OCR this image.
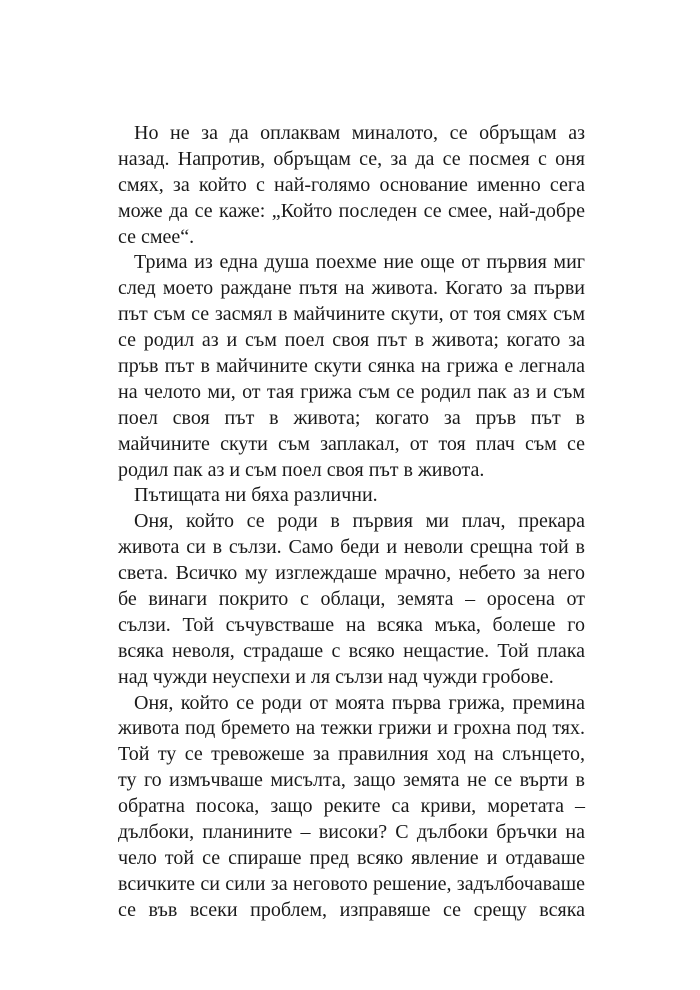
Но не за да оплаквам миналото, се обръщам аз
назад. Напротив, обръщам се, за да се посмея с оня
смях, за който с най-голямо основание именно сега
може да се каже: „Който последен се смее, най-добре
се смее“.
Трима из една душа поехме ние още от първия миг
след моето раждане пътя на живота. Когато за първи
път съм се засмял в майчините скути, от тоя смях съм
се родил аз и съм поел своя път в живота; когато за
пръв път в майчините скути сянка на грижа е легнала
на челото ми, от тая грижа съм се родил пак аз и съм
поел своя път в живота; когато за пръв път в
майчините скути съм заплакал, от тоя плач съм се
родил пак аз и съм поел своя път в живота.
Пътищата ни бяха различни.
Оня, който се роди в първия ми плач, прекара
живота си в сълзи. Само беди и неволи срещна той в
света. Всичко му изглеждаше мрачно, небето за него
бе винаги покрито с облаци, земята – оросена от
сълзи. Той съчувстваше на всяка мъка, болеше го
всяка неволя, страдаше с всяко нещастие. Той плака
над чужди неуспехи и ля сълзи над чужди гробове.
Оня, който се роди от моята първа грижа, премина
живота под бремето на тежки грижи и грохна под тях.
Той ту се тревожеше за правилния ход на слънцето,
ту го измъчваше мисълта, защо земята не се върти в
обратна посока, защо реките са криви, моретата –
дълбоки, планините – високи? С дълбоки бръчки на
чело той се спираше пред всяко явление и отдаваше
всичките си сили за неговото решение, задълбочаваше
се във всеки проблем, изправяше се срещу всяка
